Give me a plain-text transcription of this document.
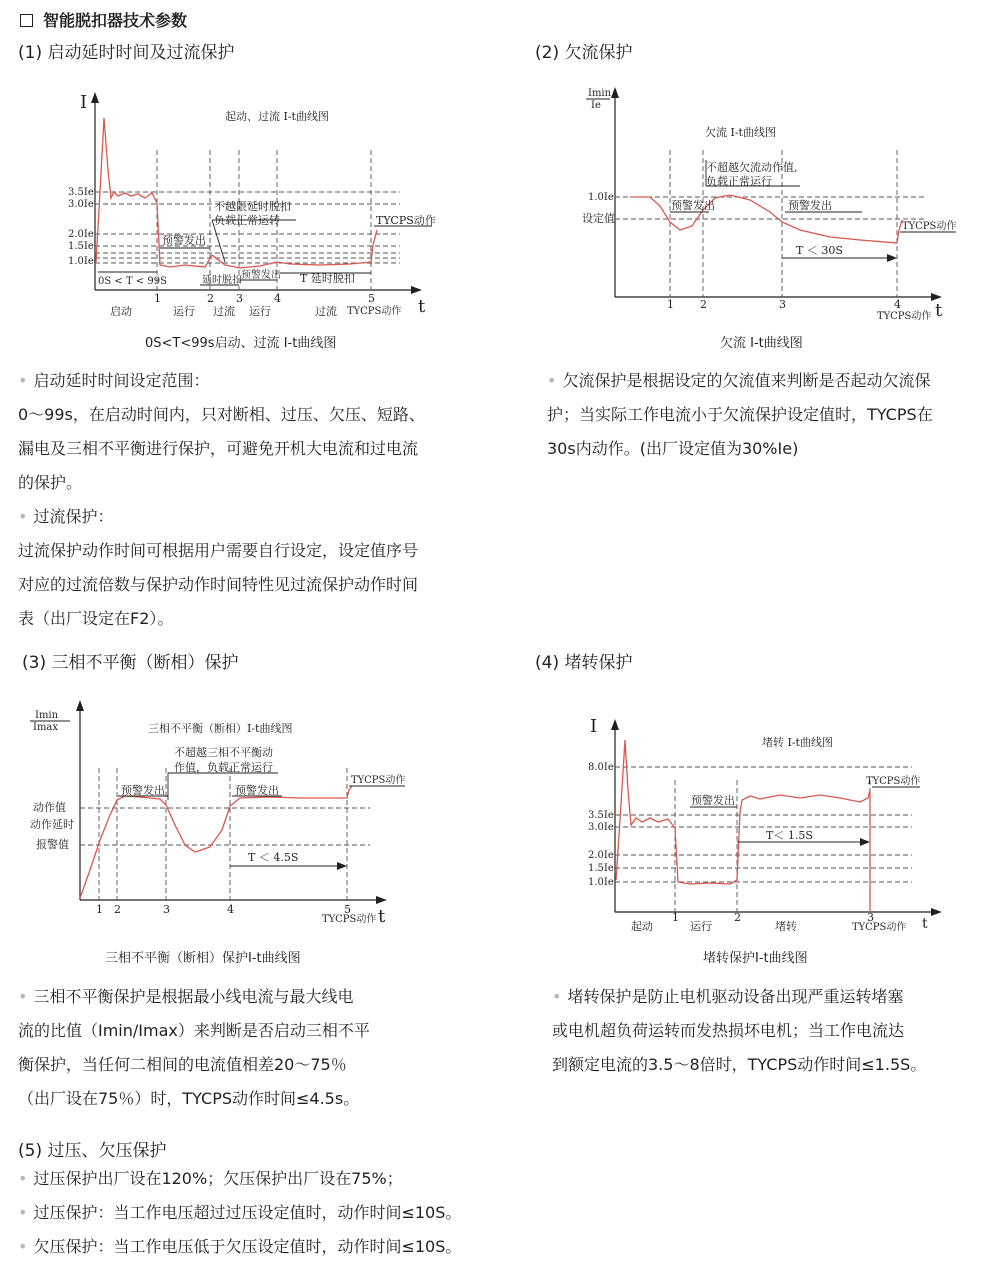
智能脱扣器技术参数
(1) 启动延时时间及过流保护
I
t
起动、过流 I-t曲线图
3.5Ie
3.0Ie
2.0Ie
1.5Ie
1.0Ie
0S < T < 99S
预警发出
不越限延时脱扣
负载正常运转
延时脱扣 预警发出 T 延时脱扣
TYCPS动作
1	2 3	4	5
启动	运行 过流 运行	过流 TYCPS动作
0S<T<99s启动、过流 I-t曲线图
• 启动延时时间设定范围：
0～99s，在启动时间内，只对断相、过压、欠压、短路、
漏电及三相不平衡进行保护，可避免开机大电流和过电流
的保护。
• 过流保护：
过流保护动作时间可根据用户需要自行设定，设定值序号
对应的过流倍数与保护动作时间特性见过流保护动作时间
表（出厂设定在F2）。
(2) 欠流保护
Imin
Ie
t
欠流 I-t曲线图
1.0Ie
设定值
预警发出
不超越欠流动作值,
负载正常运行
预警发出
T ＜ 30S
TYCPS动作
1 2	3	4
TYCPS动作
欠流 I-t曲线图
• 欠流保护是根据设定的欠流值来判断是否起动欠流保
护；当实际工作电流小于欠流保护设定值时，TYCPS在
30s内动作。(出厂设定值为30%Ie)
(3) 三相不平衡（断相）保护
Imin
Imax
t
三相不平衡（断相）I-t曲线图
动作值
动作延时
报警值
预警发出
不超越三相不平衡动
作值，负载正常运行
预警发出
T ＜ 4.5S
TYCPS动作
1 2	3	4	5
TYCPS动作
三相不平衡（断相）保护I-t曲线图
• 三相不平衡保护是根据最小线电流与最大线电
流的比值（Imin/Imax）来判断是否启动三相不平
衡保护，当任何二相间的电流值相差20～75％
（出厂设在75％）时，TYCPS动作时间≤4.5s。
(4) 堵转保护
I
t
堵转 I-t曲线图
8.0Ie
3.5Ie
3.0Ie
2.0Ie
1.5Ie
1.0Ie
预警发出
T＜ 1.5S
TYCPS动作
1	2	3
起动	运行	堵转	TYCPS动作
堵转保护I-t曲线图
• 堵转保护是防止电机驱动设备出现严重运转堵塞
或电机超负荷运转而发热损坏电机；当工作电流达
到额定电流的3.5～8倍时，TYCPS动作时间≤1.5S。
(5) 过压、欠压保护
• 过压保护出厂设在120%；欠压保护出厂设在75%；
• 过压保护：当工作电压超过过压设定值时，动作时间≤10S。
• 欠压保护：当工作电压低于欠压设定值时，动作时间≤10S。
